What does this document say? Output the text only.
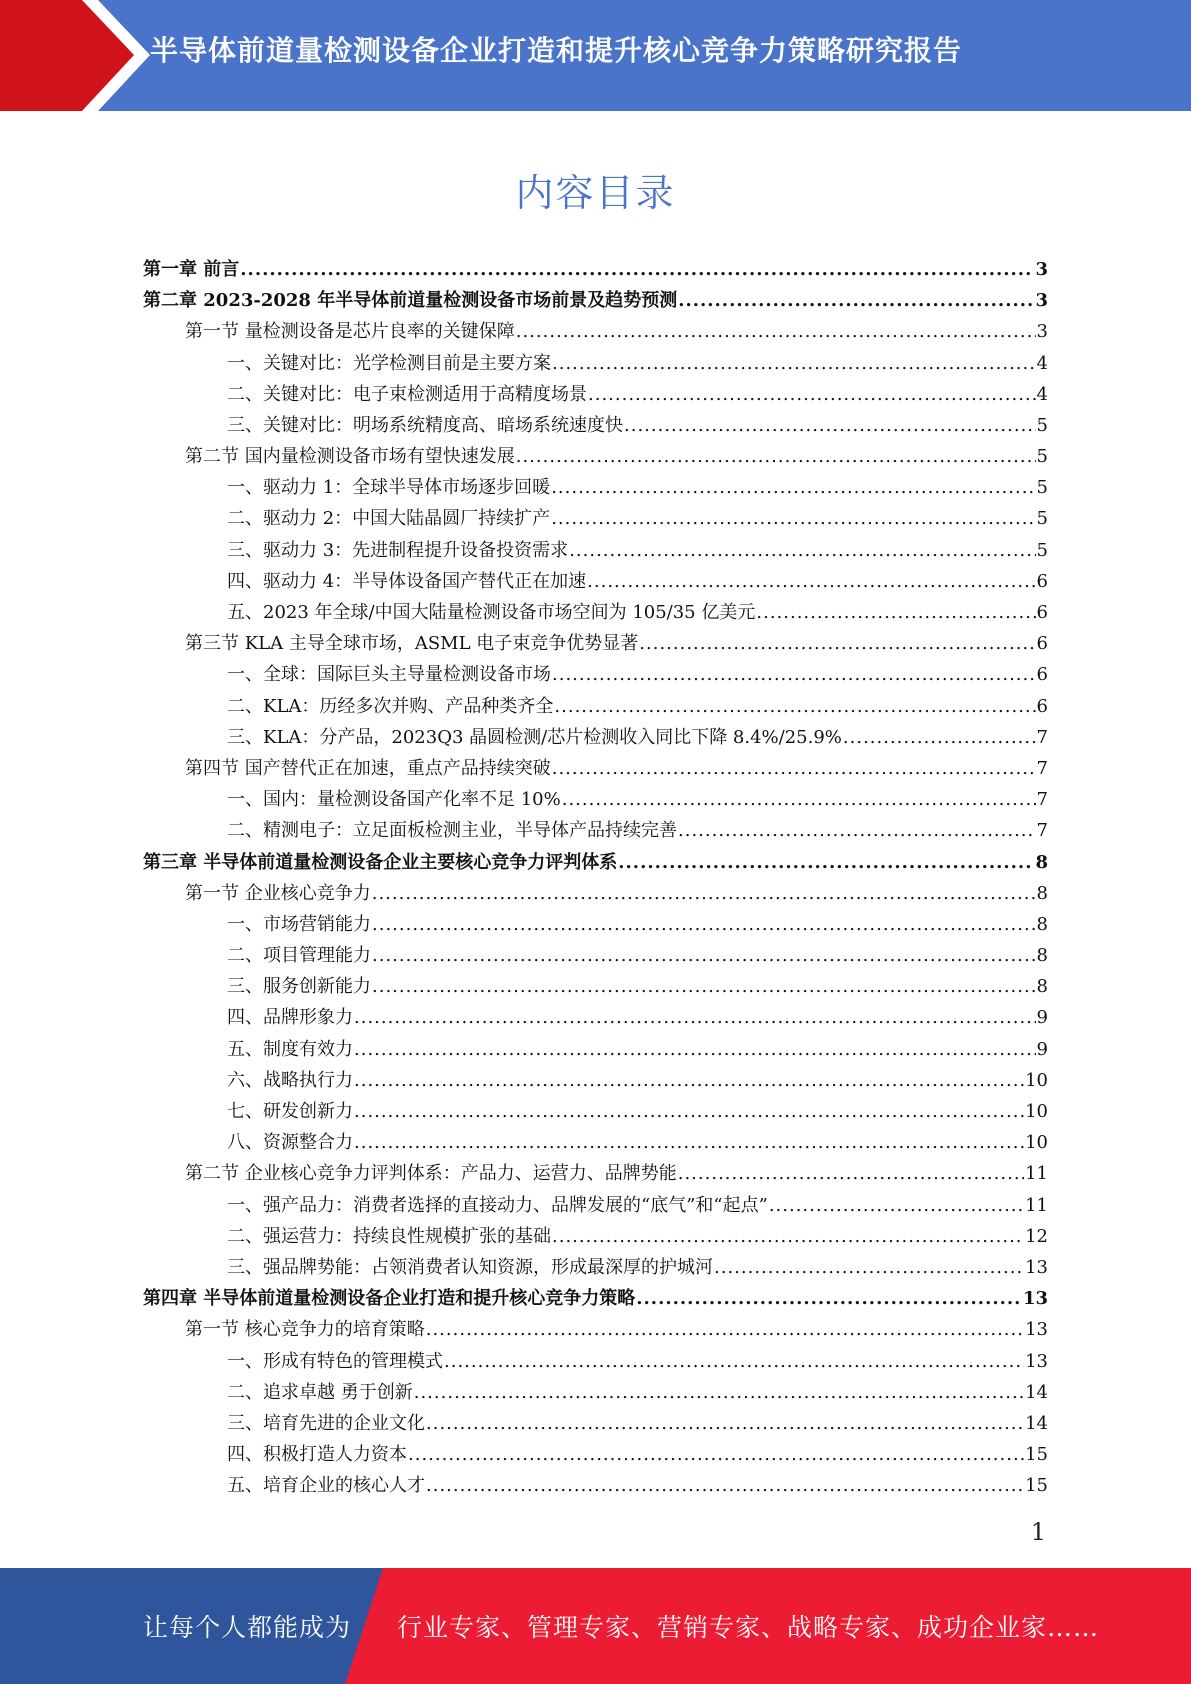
半导体前道量检测设备企业打造和提升核心竞争力策略研究报告
内容目录
第一章 前言 .....	3
第二章 2023-2028 年半导体前道量检测设备市场前景及趋势预测 .....	3
第一节 量检测设备是芯片良率的关键保障 .....	3
一、关键对比：光学检测目前是主要方案 .....	4
二、关键对比：电子束检测适用于高精度场景 .....	4
三、关键对比：明场系统精度高、暗场系统速度快 .....	5
第二节 国内量检测设备市场有望快速发展 .....	5
一、驱动力 1：全球半导体市场逐步回暖 .....	5
二、驱动力 2：中国大陆晶圆厂持续扩产 .....	5
三、驱动力 3：先进制程提升设备投资需求 .....	5
四、驱动力 4：半导体设备国产替代正在加速 .....	6
五、2023 年全球/中国大陆量检测设备市场空间为 105/35 亿美元 .....	6
第三节 KLA 主导全球市场，ASML 电子束竞争优势显著 .....	6
一、全球：国际巨头主导量检测设备市场 .....	6
二、KLA：历经多次并购、产品种类齐全 .....	6
三、KLA：分产品，2023Q3 晶圆检测/芯片检测收入同比下降 8.4%/25.9% .....	7
第四节 国产替代正在加速，重点产品持续突破 .....	7
一、国内：量检测设备国产化率不足 10% .....	7
二、精测电子：立足面板检测主业，半导体产品持续完善 .....	7
第三章 半导体前道量检测设备企业主要核心竞争力评判体系 .....	8
第一节 企业核心竞争力 .....	8
一、市场营销能力 .....	8
二、项目管理能力 .....	8
三、服务创新能力 .....	8
四、品牌形象力 .....	9
五、制度有效力 .....	9
六、战略执行力 .....	10
七、研发创新力 .....	10
八、资源整合力 .....	10
第二节 企业核心竞争力评判体系：产品力、运营力、品牌势能 .....	11
一、强产品力：消费者选择的直接动力、品牌发展的“底气”和“起点” .....	11
二、强运营力：持续良性规模扩张的基础 .....	12
三、强品牌势能：占领消费者认知资源，形成最深厚的护城河 .....	13
第四章 半导体前道量检测设备企业打造和提升核心竞争力策略 .....	13
第一节 核心竞争力的培育策略 .....	13
一、形成有特色的管理模式 .....	13
二、追求卓越 勇于创新 .....	14
三、培育先进的企业文化 .....	14
四、积极打造人力资本 .....	15
五、培育企业的核心人才 .....	15
1
让每个人都能成为 行业专家、管理专家、营销专家、战略专家、成功企业家……
